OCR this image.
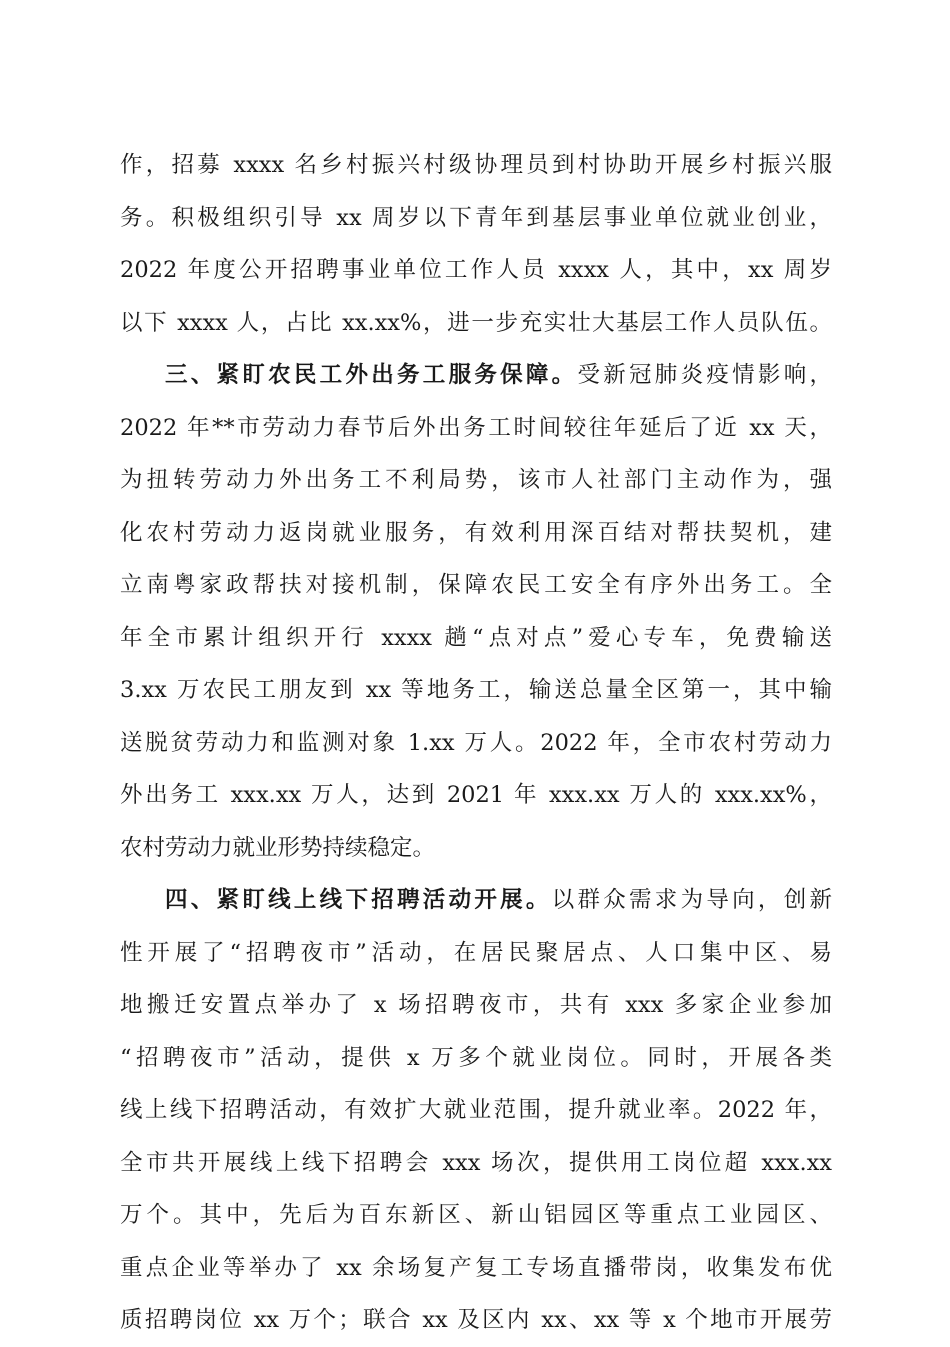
作，招募 xxxx 名乡村振兴村级协理员到村协助开展乡村振兴服
务。积极组织引导 xx 周岁以下青年到基层事业单位就业创业，
2022 年度公开招聘事业单位工作人员 xxxx 人，其中，xx 周岁
以下 xxxx 人，占比 xx.xx%，进一步充实壮大基层工作人员队伍。
三、紧盯农民工外出务工服务保障。受新冠肺炎疫情影响，
2022 年**市劳动力春节后外出务工时间较往年延后了近 xx 天，
为扭转劳动力外出务工不利局势，该市人社部门主动作为，强
化农村劳动力返岗就业服务，有效利用深百结对帮扶契机，建
立南粤家政帮扶对接机制，保障农民工安全有序外出务工。全
年全市累计组织开行 xxxx 趟“点对点”爱心专车，免费输送
3.xx 万农民工朋友到 xx 等地务工，输送总量全区第一，其中输
送脱贫劳动力和监测对象 1.xx 万人。2022 年，全市农村劳动力
外出务工 xxx.xx 万人，达到 2021 年 xxx.xx 万人的 xxx.xx%，
农村劳动力就业形势持续稳定。
四、紧盯线上线下招聘活动开展。以群众需求为导向，创新
性开展了“招聘夜市”活动，在居民聚居点、人口集中区、易
地搬迁安置点举办了 x 场招聘夜市，共有 xxx 多家企业参加
“招聘夜市”活动，提供 x 万多个就业岗位。同时，开展各类
线上线下招聘活动，有效扩大就业范围，提升就业率。2022 年，
全市共开展线上线下招聘会 xxx 场次，提供用工岗位超 xxx.xx
万个。其中，先后为百东新区、新山铝园区等重点工业园区、
重点企业等举办了 xx 余场复产复工专场直播带岗，收集发布优
质招聘岗位 xx 万个；联合 xx 及区内 xx、xx 等 x 个地市开展劳
